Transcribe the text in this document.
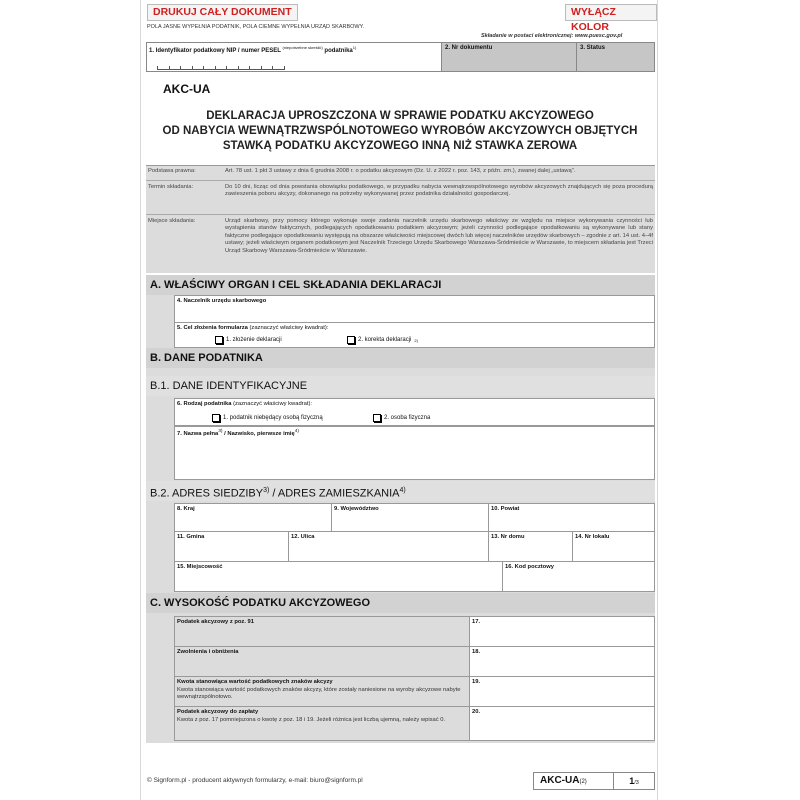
DRUKUJ CAŁY DOKUMENT	WYŁĄCZ KOLOR
POLA JASNE WYPEŁNIA PODATNIK, POLA CIEMNE WYPEŁNIA URZĄD SKARBOWY.
Składanie w postaci elektronicznej: www.puesc.gov.pl
1. Identyfikator podatkowy NIP / numer PESEL $^{(niepotrzebne skreślić)}$ podatnika$^{1)}$	2. Nr dokumentu	3. Status
AKC-UA
DEKLARACJA UPROSZCZONA W SPRAWIE PODATKU AKCYZOWEGO
OD NABYCIA WEWNĄTRZWSPÓLNOTOWEGO WYROBÓW AKCYZOWYCH OBJĘTYCH
STAWKĄ PODATKU AKCYZOWEGO INNĄ NIŻ STAWKA ZEROWA
Podstawa prawna:	Art. 78 ust. 1 pkt 3 ustawy z dnia 6 grudnia 2008 r. o podatku akcyzowym (Dz. U. z 2022 r. poz. 143, z późn. zm.), zwanej dalej „ustawą”.
Termin składania:	Do 10 dni, licząc od dnia powstania obowiązku podatkowego, w przypadku nabycia wewnątrzwspólnotowego wyrobów akcyzowych znajdujących się poza procedurą zawieszenia poboru akcyzy, dokonanego na potrzeby wykonywanej przez podatnika działalności gospodarczej.
Miejsce składania:	Urząd skarbowy, przy pomocy którego wykonuje swoje zadania naczelnik urzędu skarbowego właściwy ze względu na miejsce wykonywania czynności lub wystąpienia stanów faktycznych, podlegających opodatkowaniu podatkiem akcyzowym; jeżeli czynności podlegające opodatkowaniu są wykonywane lub stany faktyczne podlegające opodatkowaniu występują na obszarze właściwości miejscowej dwóch lub więcej naczelników urzędów skarbowych – zgodnie z art. 14 ust. 4–4f ustawy; jeżeli właściwym organem podatkowym jest Naczelnik Trzeciego Urzędu Skarbowego Warszawa-Śródmieście w Warszawie, to miejscem składania jest Trzeci Urząd Skarbowy Warszawa-Śródmieście w Warszawie.
A. WŁAŚCIWY ORGAN I CEL SKŁADANIA DEKLARACJI
4. Naczelnik urzędu skarbowego
5. Cel złożenia formularza (zaznaczyć właściwy kwadrat):
1. złożenie deklaracji	2. korekta deklaracji 2)
B. DANE PODATNIKA
B.1. DANE IDENTYFIKACYJNE
6. Rodzaj podatnika (zaznaczyć właściwy kwadrat):
1. podatnik niebędący osobą fizyczną	2. osoba fizyczna
7. Nazwa pełna$^{3)}$ / Nazwisko, pierwsze imię$^{4)}$
B.2. ADRES SIEDZIBY$^{3)}$ / ADRES ZAMIESZKANIA$^{4)}$
8. Kraj	9. Województwo	10. Powiat
11. Gmina	12. Ulica	13. Nr domu	14. Nr lokalu
15. Miejscowość	16. Kod pocztowy
C. WYSOKOŚĆ PODATKU AKCYZOWEGO
Podatek akcyzowy z poz. 91	17.
Zwolnienia i obniżenia	18.
Kwota stanowiąca wartość podatkowych znaków akcyzy
Kwota stanowiąca wartość podatkowych znaków akcyzy, które zostały naniesione na wyroby akcyzowe nabyte wewnątrzspólnotowo.
19.
Podatek akcyzowy do zapłaty
Kwota z poz. 17 pomniejszona o kwotę z poz. 18 i 19. Jeżeli różnica jest liczbą ujemną, należy wpisać 0.
20.
© Signform.pl - producent aktywnych formularzy, e-mail: biuro@signform.pl	AKC-UA(2)	1/3
